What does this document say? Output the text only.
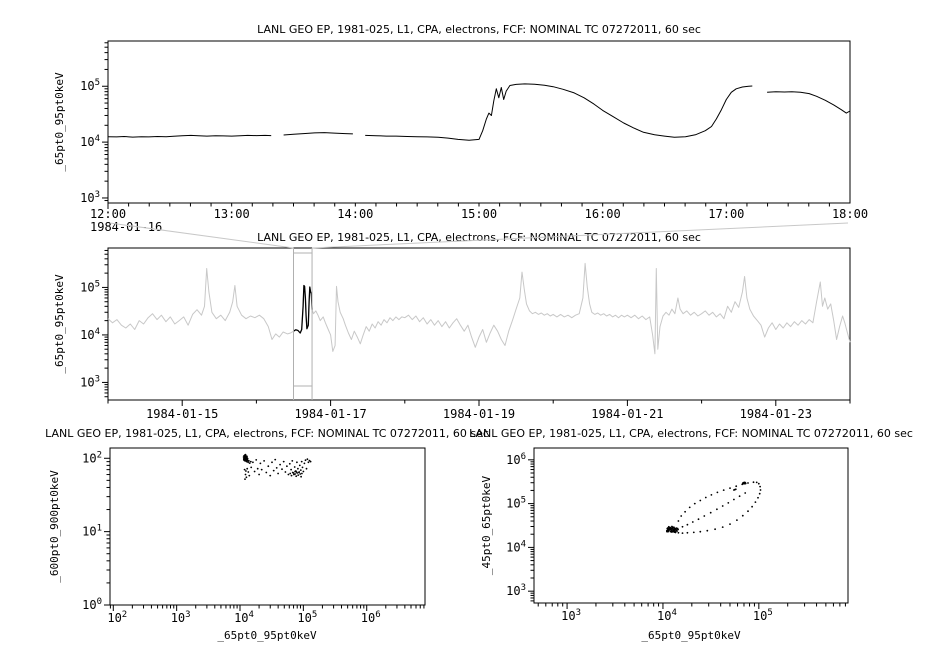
LANL GEO EP, 1981-025, L1, CPA, electrons, FCF: NOMINAL TC 07272011, 60 sec
$10^3$
$10^4$
$10^5$
_65pt0_95pt0keV
12:00	13:00	14:00	15:00	16:00	17:00	18:00
1984-01-16
LANL GEO EP, 1981-025, L1, CPA, electrons, FCF: NOMINAL TC 07272011, 60 sec
$10^3$
$10^4$
$10^5$
_65pt0_95pt0keV
1984-01-15	1984-01-17	1984-01-19	1984-01-21	1984-01-23
LANL GEO EP, 1981-025, L1, CPA, electrons, FCF: NOMINAL TC 07272011, 60 sec
$10^0$
$10^1$
$10^2$
_600pt0_900pt0keV
$10^2$	$10^3$	$10^4$	$10^5$	$10^6$
_65pt0_95pt0keV
LANL GEO EP, 1981-025, L1, CPA, electrons, FCF: NOMINAL TC 07272011, 60 sec
$10^3$
$10^4$
$10^5$
$10^6$
_45pt0_65pt0keV
$10^3$	$10^4$	$10^5$
_65pt0_95pt0keV
